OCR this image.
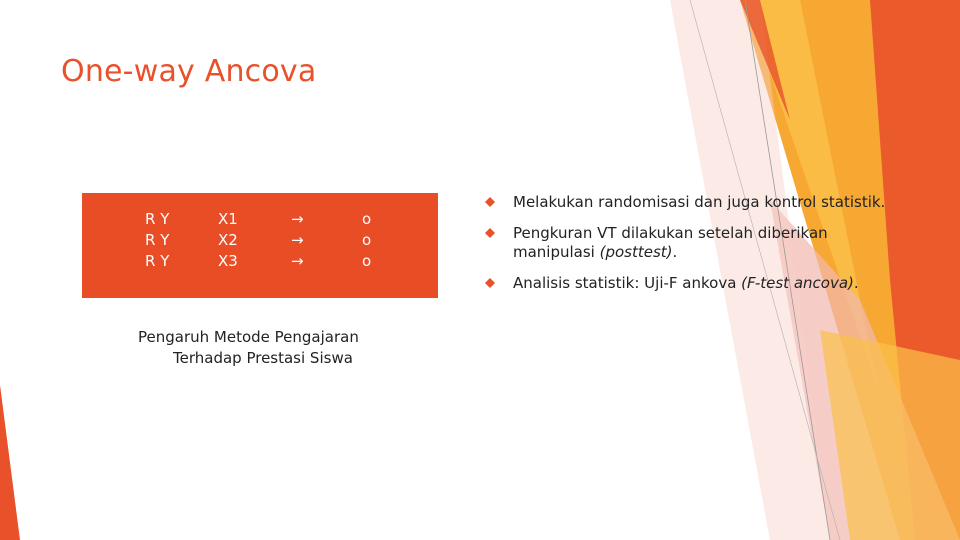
One-way Ancova
R Y
R Y
R Y
X1
X2
X3
→
→
→
o
o
o
Pengaruh Metode Pengajaran
Terhadap Prestasi Siswa
Melakukan randomisasi dan juga kontrol statistik.
Pengkuran VT dilakukan setelah diberikan
manipulasi (posttest).
Analisis statistik: Uji-F ankova (F-test ancova).
